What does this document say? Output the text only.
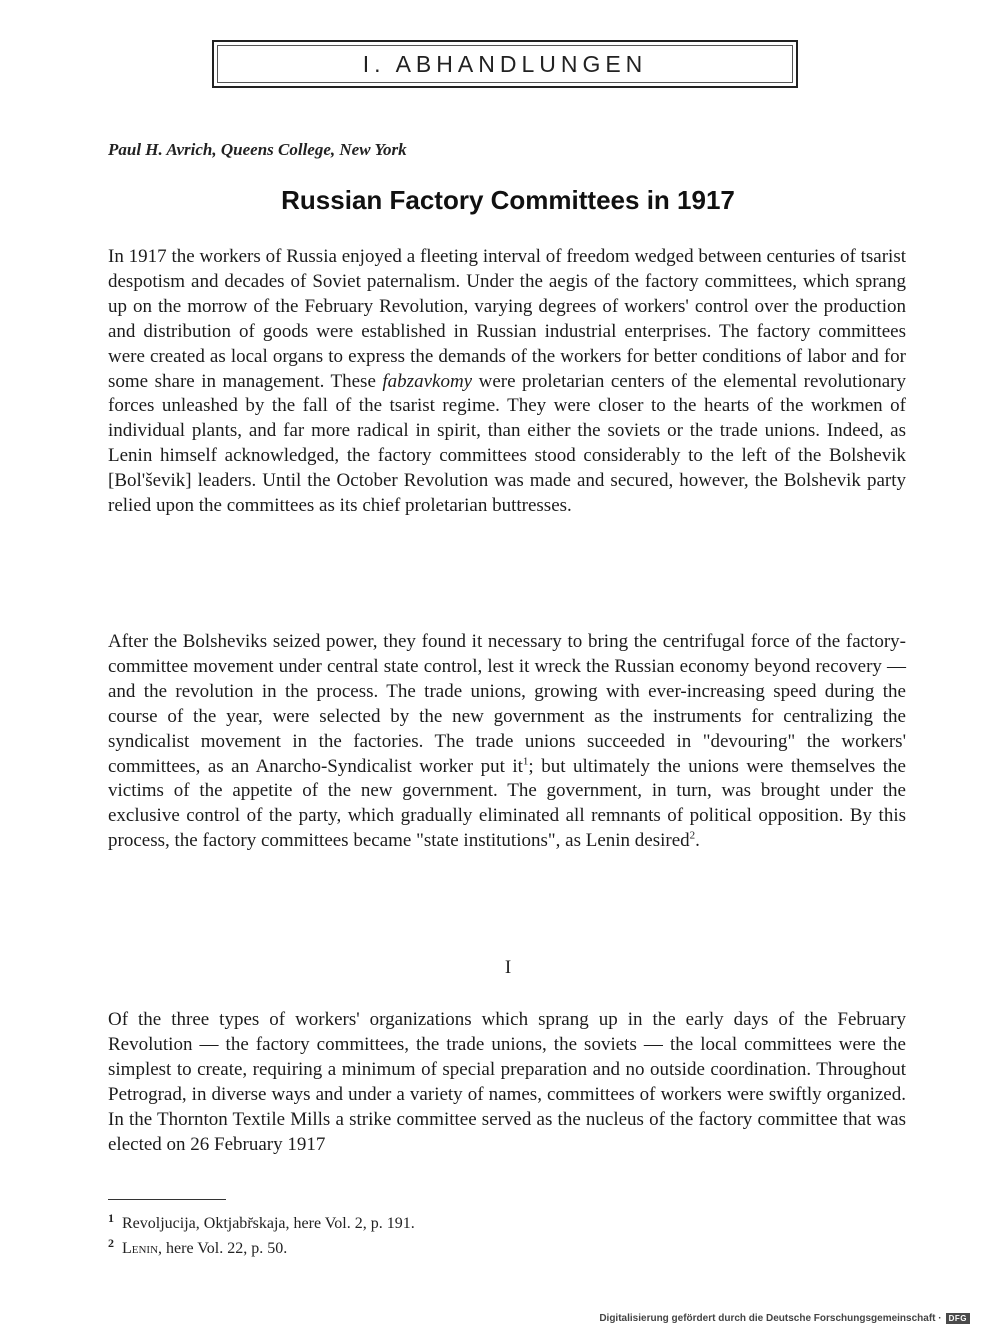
I. ABHANDLUNGEN
Paul H. Avrich, Queens College, New York
Russian Factory Committees in 1917

In 1917 the workers of Russia enjoyed a fleeting interval of freedom wedged between centuries of tsarist despotism and decades of Soviet paternalism. Under the aegis of the factory committees, which sprang up on the morrow of the February Revolution, varying degrees of workers' control over the production and distribution of goods were established in Russian industrial enterprises. The factory committees were created as local organs to express the demands of the workers for better conditions of labor and for some share in management. These fabzavkomy were proletarian centers of the elemental revolutionary forces unleashed by the fall of the tsarist regime. They were closer to the hearts of the workmen of individual plants, and far more radical in spirit, than either the soviets or the trade unions. Indeed, as Lenin himself acknowledged, the factory committees stood considerably to the left of the Bolshevik [Bol'ševik] leaders. Until the October Revolution was made and secured, however, the Bolshevik party relied upon the committees as its chief proletarian buttresses.

After the Bolsheviks seized power, they found it necessary to bring the centrifugal force of the factory-committee movement under central state control, lest it wreck the Russian economy beyond recovery — and the revolution in the process. The trade unions, growing with ever-increasing speed during the course of the year, were selected by the new government as the instruments for centralizing the syndicalist movement in the factories. The trade unions succeeded in "devouring" the workers' committees, as an Anarcho-Syndicalist worker put $it^1$; but ultimately the unions were themselves the victims of the appetite of the new government. The government, in turn, was brought under the exclusive control of the party, which gradually eliminated all remnants of political opposition. By this process, the factory committees became "state institutions", as Lenin desired$^2$.

I

Of the three types of workers' organizations which sprang up in the early days of the February Revolution — the factory committees, the trade unions, the soviets — the local committees were the simplest to create, requiring a minimum of special preparation and no outside coordination. Throughout Petrograd, in diverse ways and under a variety of names, committees of workers were swiftly organized. In the Thornton Textile Mills a strike committee served as the nucleus of the factory committee that was elected on 26 February 1917

$^1$ Revoljucija, Oktjabr̆skaja, here Vol. 2, p. 191.

$^2$ Lenin, here Vol. 22, p. 50.

Digitalisierung gefördert durch die Deutsche Forschungsgemeinschaft · DFG
